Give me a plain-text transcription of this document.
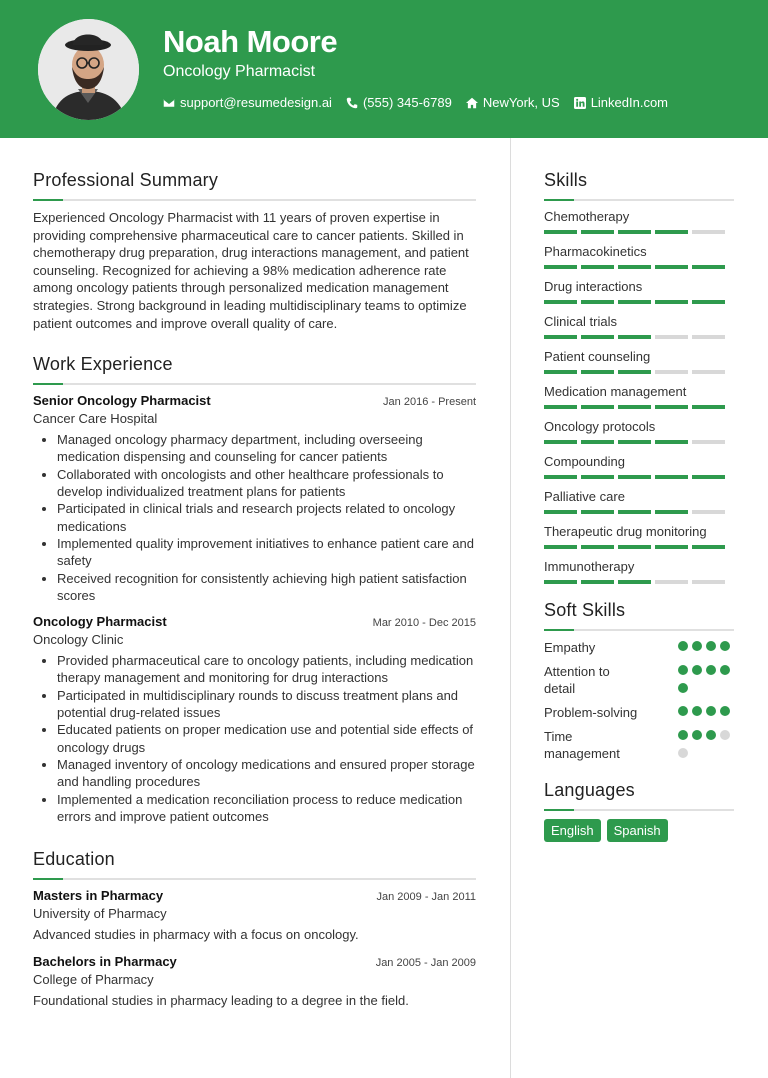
Noah Moore
Oncology Pharmacist
support@resumedesign.ai (555) 345-6789 NewYork, US LinkedIn.com
Professional Summary

Experienced Oncology Pharmacist with 11 years of proven expertise in providing comprehensive pharmaceutical care to cancer patients. Skilled in chemotherapy drug preparation, drug interactions management, and patient counseling. Recognized for achieving a 98% medication adherence rate among oncology patients through personalized medication management strategies. Strong background in leading multidisciplinary teams to optimize patient outcomes and improve overall quality of care.

Work Experience
Senior Oncology Pharmacist	Jan 2016 - Present
Cancer Care Hospital
• Managed oncology pharmacy department, including overseeing medication dispensing and counseling for cancer patients
• Collaborated with oncologists and other healthcare professionals to develop individualized treatment plans for patients
• Participated in clinical trials and research projects related to oncology medications
• Implemented quality improvement initiatives to enhance patient care and safety
• Received recognition for consistently achieving high patient satisfaction scores
Oncology Pharmacist	Mar 2010 - Dec 2015
Oncology Clinic
• Provided pharmaceutical care to oncology patients, including medication therapy management and monitoring for drug interactions
• Participated in multidisciplinary rounds to discuss treatment plans and potential drug-related issues
• Educated patients on proper medication use and potential side effects of oncology drugs
• Managed inventory of oncology medications and ensured proper storage and handling procedures
• Implemented a medication reconciliation process to reduce medication errors and improve patient outcomes
Education
Masters in Pharmacy	Jan 2009 - Jan 2011
University of Pharmacy
Advanced studies in pharmacy with a focus on oncology.
Bachelors in Pharmacy	Jan 2005 - Jan 2009
College of Pharmacy
Foundational studies in pharmacy leading to a degree in the field.
Skills
Chemotherapy
Pharmacokinetics
Drug interactions
Clinical trials
Patient counseling
Medication management
Oncology protocols
Compounding
Palliative care
Therapeutic drug monitoring
Immunotherapy
Soft Skills
Empathy
Attention to detail
Problem-solving
Time management
Languages
English	Spanish
